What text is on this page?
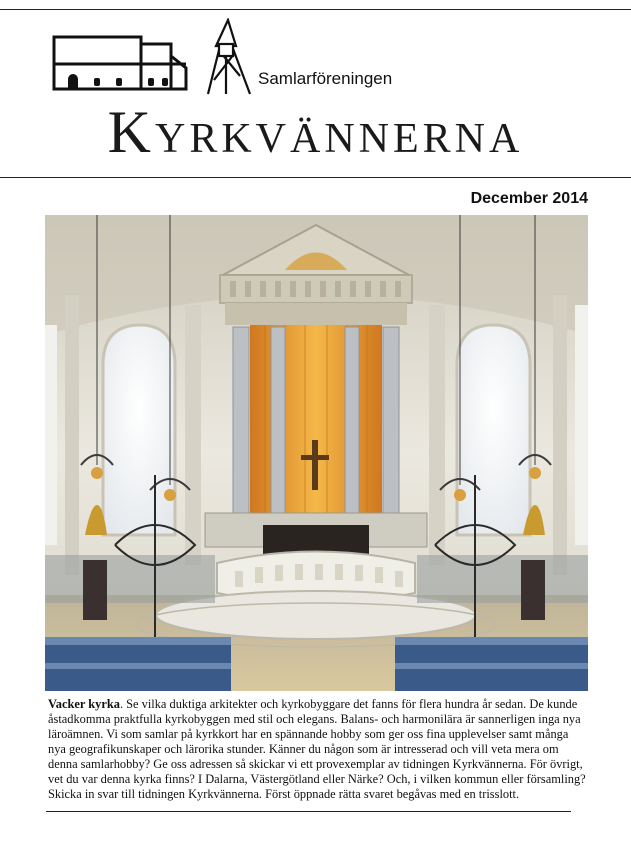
Samlarföreningen
Kyrkvännerna
December 2014
Vacker kyrka. Se vilka duktiga arkitekter och kyrkobyggare det fanns för flera hundra år sedan. De kunde åstadkomma praktfulla kyrkobyggen med stil och elegans. Balans- och harmonilära är sannerligen inga nya läroämnen. Vi som samlar på kyrkkort har en spännande hobby som ger oss fina upplevelser samt många nya geografikunskaper och lärorika stunder. Känner du någon som är intresserad och vill veta mera om denna samlarhobby? Ge oss adressen så skickar vi ett provexemplar av tidningen Kyrkvännerna. För övrigt, vet du var denna kyrka finns? I Dalarna, Västergötland eller Närke? Och, i vilken kommun eller församling? Skicka in svar till tidningen Kyrkvännerna. Först öppnade rätta svaret begåvas med en trisslott.
